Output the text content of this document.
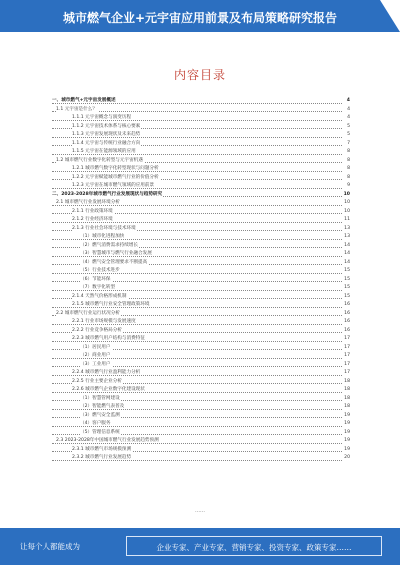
城市燃气企业+元宇宙应用前景及布局策略研究报告
内容目录
一、城市燃气+元宇宙发展概述	4
1.1 元宇宙是什么？	4
1.1.1 元宇宙概念与演变历程	4
1.1.2 元宇宙技术体系与核心要素	5
1.1.3 元宇宙发展现状及未来趋势	5
1.1.4 元宇宙与传统行业融合方向	7
1.1.5 元宇宙在能源领域的应用	8
1.2 城市燃气行业数字化转型与元宇宙机遇	8
1.2.1 城市燃气数字化转型现状与问题分析	8
1.2.2 元宇宙赋能城市燃气行业的价值分析	8
1.2.3 元宇宙在城市燃气领域的应用前景	9
二、2023-2028年城市燃气行业发展现状与趋势研究	10
2.1 城市燃气行业发展环境分析	10
2.1.1 行业政策环境	10
2.1.2 行业经济环境	11
2.1.3 行业社会环境与技术环境	13
（1）城市化进程加快	13
（2）燃气消费需求持续增长	14
（3）智慧城市与燃气行业融合发展	14
（4）燃气安全管理要求不断提高	14
（5）行业技术进步	15
（6）节能环保	15
（7）数字化转型	15
2.1.4 天然气价格形成机制	15
2.1.5 城市燃气行业安全管理政策环境	16
2.2 城市燃气行业运行状况分析	16
2.2.1 行业市场规模与发展速度	16
2.2.2 行业竞争格局分析	16
2.2.3 城市燃气用户结构与消费特征	17
（1）居民用户	17
（2）商业用户	17
（3）工业用户	17
2.2.4 城市燃气行业盈利能力分析	17
2.2.5 行业主要企业分析	18
2.2.6 城市燃气企业数字化建设现状	18
（1）智慧管网建设	18
（2）智能燃气表普及	18
（3）燃气安全监测	19
（4）客户服务	19
（5）管理信息系统	19
2.3 2023-2028年中国城市燃气行业发展趋势预测	19
2.3.1 城市燃气市场规模预测	19
2.3.2 城市燃气行业发展趋势	20
……
让每个人都能成为	企业专家、产业专家、营销专家、投资专家、政策专家……
